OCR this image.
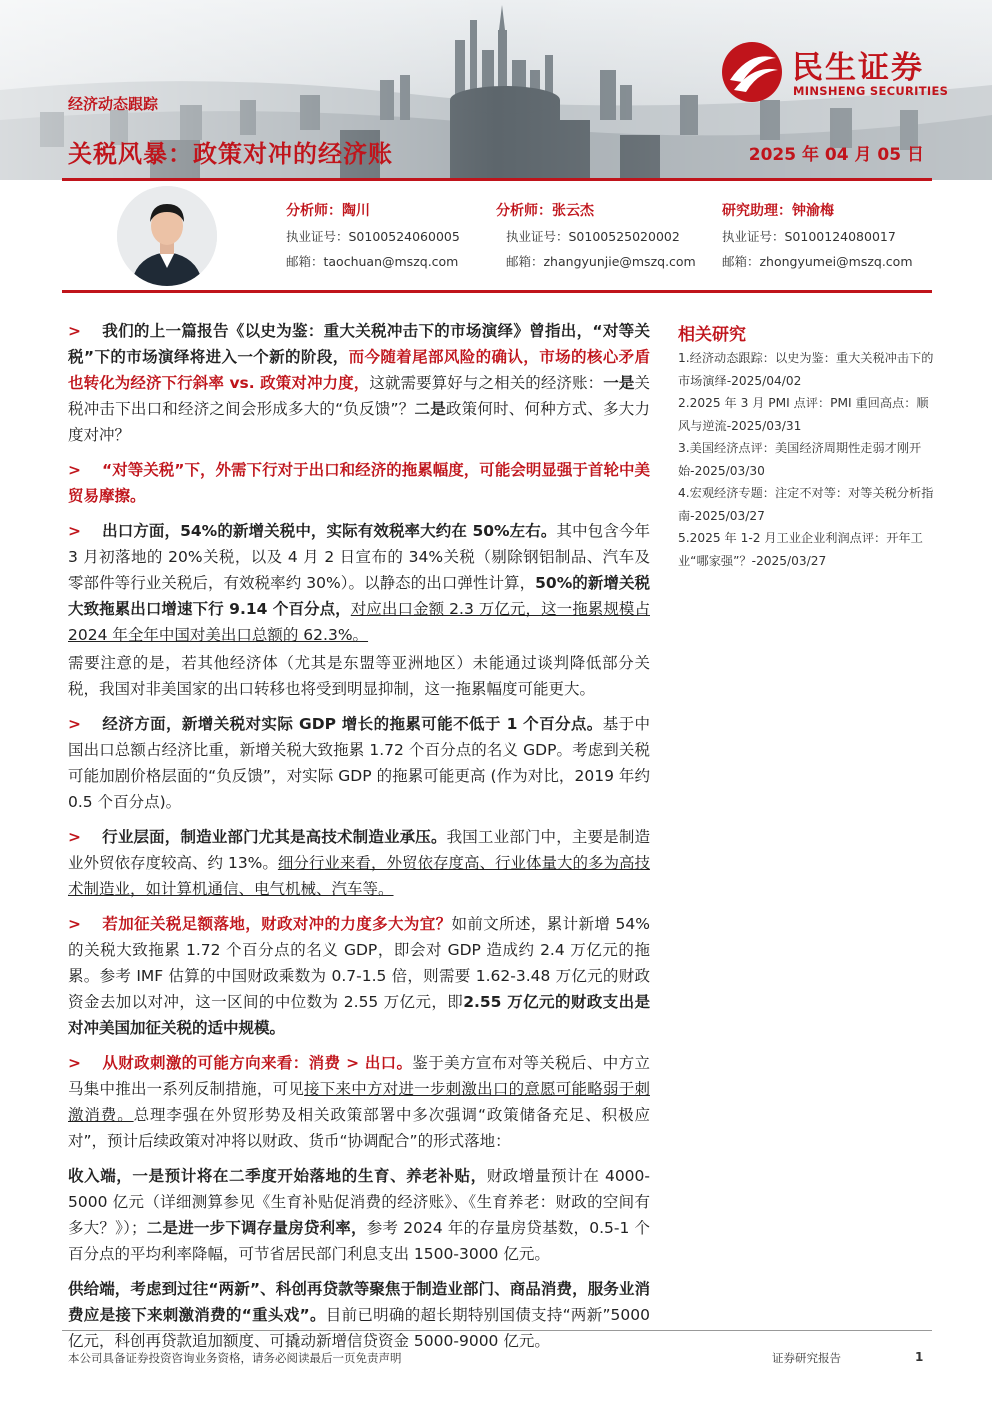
经济动态跟踪
关税风暴：政策对冲的经济账	2025 年 04 月 05 日
民生证券
MINSHENG SECURITIES
分析师：陶川
执业证号：S0100524060005
邮箱：taochuan@mszq.com
分析师：张云杰
执业证号：S0100525020002
邮箱：zhangyunjie@mszq.com
研究助理：钟渝梅
执业证号：S0100124080017
邮箱：zhongyumei@mszq.com

> 我们的上一篇报告《以史为鉴：重大关税冲击下的市场演绎》曾指出，“对等关税”下的市场演绎将进入一个新的阶段，而今随着尾部风险的确认，市场的核心矛盾也转化为经济下行斜率 vs. 政策对冲力度，这就需要算好与之相关的经济账：一是关税冲击下出口和经济之间会形成多大的“负反馈”？二是政策何时、何种方式、多大力度对冲？

> “对等关税”下，外需下行对于出口和经济的拖累幅度，可能会明显强于首轮中美贸易摩擦。

> 出口方面，54%的新增关税中，实际有效税率大约在 50%左右。其中包含今年 3 月初落地的 20%关税，以及 4 月 2 日宣布的 34%关税（剔除钢铝制品、汽车及零部件等行业关税后，有效税率约 30%）。以静态的出口弹性计算，50%的新增关税大致拖累出口增速下行 9.14 个百分点，对应出口金额 2.3 万亿元，这一拖累规模占 2024 年全年中国对美出口总额的 62.3%。

需要注意的是，若其他经济体（尤其是东盟等亚洲地区）未能通过谈判降低部分关税，我国对非美国家的出口转移也将受到明显抑制，这一拖累幅度可能更大。

> 经济方面，新增关税对实际 GDP 增长的拖累可能不低于 1 个百分点。基于中国出口总额占经济比重，新增关税大致拖累 1.72 个百分点的名义 GDP。考虑到关税可能加剧价格层面的“负反馈”，对实际 GDP 的拖累可能更高 (作为对比，2019 年约 0.5 个百分点)。

> 行业层面，制造业部门尤其是高技术制造业承压。我国工业部门中，主要是制造业外贸依存度较高、约 13%。细分行业来看，外贸依存度高、行业体量大的多为高技术制造业，如计算机通信、电气机械、汽车等。

> 若加征关税足额落地，财政对冲的力度多大为宜？如前文所述，累计新增 54%的关税大致拖累 1.72 个百分点的名义 GDP，即会对 GDP 造成约 2.4 万亿元的拖累。参考 IMF 估算的中国财政乘数为 0.7-1.5 倍，则需要 1.62-3.48 万亿元的财政资金去加以对冲，这一区间的中位数为 2.55 万亿元，即2.55 万亿元的财政支出是对冲美国加征关税的适中规模。

> 从财政刺激的可能方向来看：消费 > 出口。鉴于美方宣布对等关税后、中方立马集中推出一系列反制措施，可见接下来中方对进一步刺激出口的意愿可能略弱于刺激消费。总理李强在外贸形势及相关政策部署中多次强调“政策储备充足、积极应对”，预计后续政策对冲将以财政、货币“协调配合”的形式落地：

收入端，一是预计将在二季度开始落地的生育、养老补贴，财政增量预计在 4000-5000 亿元（详细测算参见《生育补贴促消费的经济账》、《生育养老：财政的空间有多大？》）；二是进一步下调存量房贷利率，参考 2024 年的存量房贷基数，0.5-1 个百分点的平均利率降幅，可节省居民部门利息支出 1500-3000 亿元。

供给端，考虑到过往“两新”、科创再贷款等聚焦于制造业部门、商品消费，服务业消费应是接下来刺激消费的“重头戏”。目前已明确的超长期特别国债支持“两新”5000 亿元，科创再贷款追加额度、可撬动新增信贷资金 5000-9000 亿元。

相关研究
1.经济动态跟踪：以史为鉴：重大关税冲击下的市场演绎-2025/04/02
2.2025 年 3 月 PMI 点评：PMI 重回高点：顺风与逆流-2025/03/31
3.美国经济点评：美国经济周期性走弱才刚开始-2025/03/30
4.宏观经济专题：注定不对等：对等关税分析指南-2025/03/27
5.2025 年 1-2 月工业企业利润点评：开年工业“哪家强”？-2025/03/27
本公司具备证券投资咨询业务资格，请务必阅读最后一页免责声明	证券研究报告	1
